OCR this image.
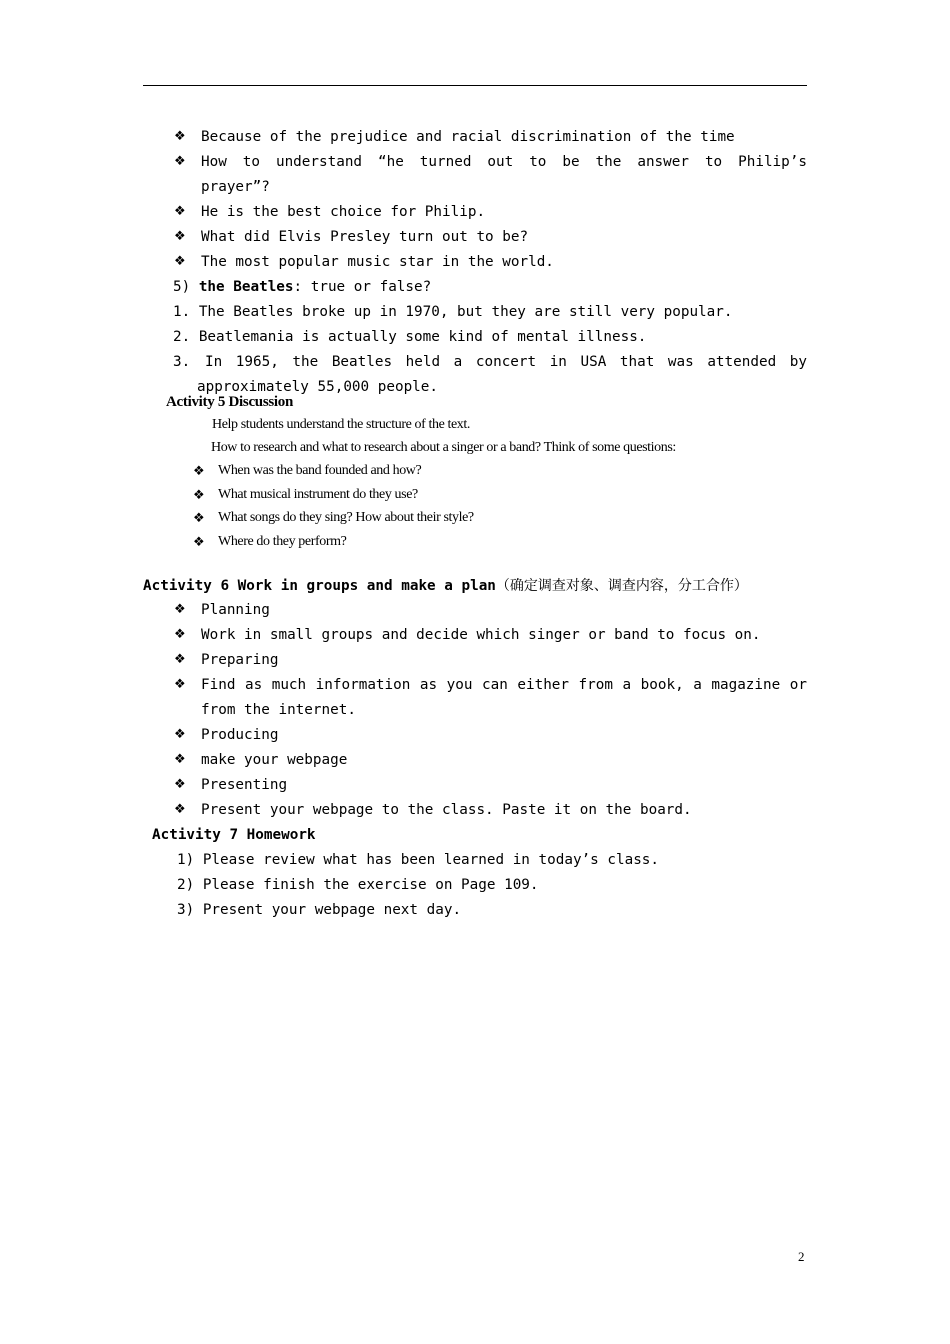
❖ Because of the prejudice and racial discrimination of the time
❖ How to understand “he turned out to be the answer to Philip’s
prayer”?
❖ He is the best choice for Philip.
❖ What did Elvis Presley turn out to be?
❖ The most popular music star in the world.
5) the Beatles: true or false?
1. The Beatles broke up in 1970, but they are still very popular.
2. Beatlemania is actually some kind of mental illness.
3. In 1965, the Beatles held a concert in USA that was attended by
approximately 55,000 people.
Activity 5 Discussion
Help students understand the structure of the text.
How to research and what to research about a singer or a band? Think of some questions:
❖ When was the band founded and how?
❖ What musical instrument do they use?
❖ What songs do they sing? How about their style?
❖ Where do they perform?
Activity 6 Work in groups and make a plan（确定调查对象、调查内容，分工合作）
❖ Planning
❖ Work in small groups and decide which singer or band to focus on.
❖ Preparing
❖ Find as much information as you can either from a book, a magazine or
from the internet.
❖ Producing
❖ make your webpage
❖ Presenting
❖ Present your webpage to the class. Paste it on the board.
Activity 7 Homework
1) Please review what has been learned in today’s class.
2) Please finish the exercise on Page 109.
3) Present your webpage next day.
2
